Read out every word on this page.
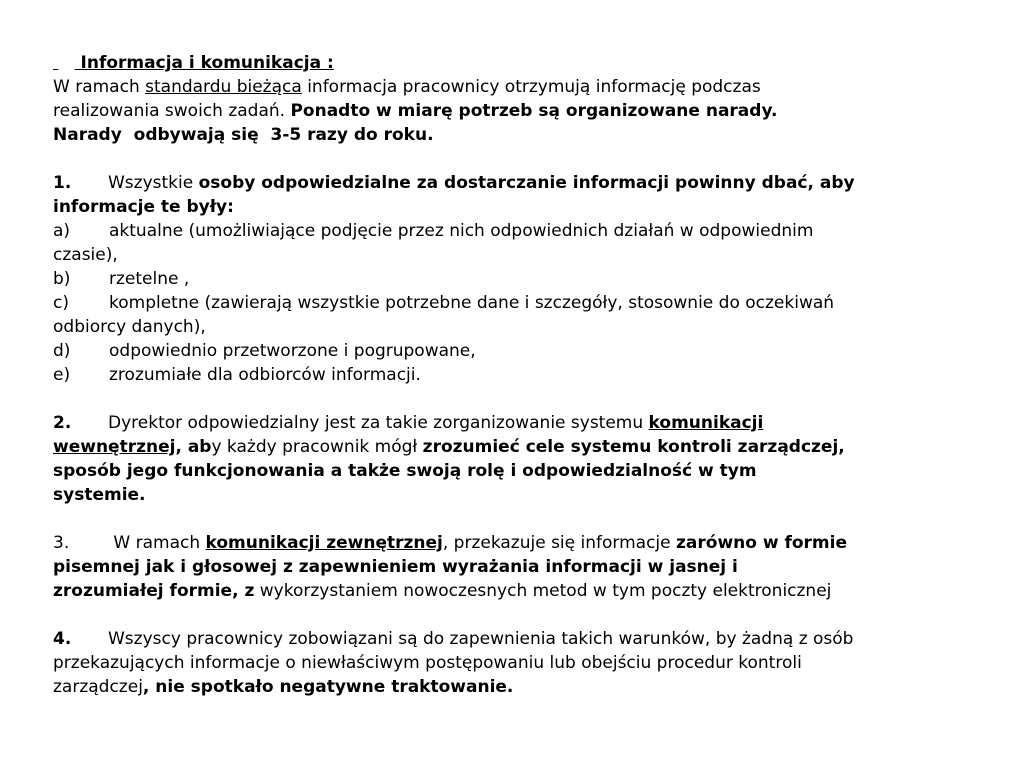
Informacja i komunikacja :

W ramach standardu bieżąca informacja pracownicy otrzymują informację podczas
realizowania swoich zadań. Ponadto w miarę potrzeb są organizowane narady.
Narady  odbywają się  3-5 razy do roku.
1. Wszystkie osoby odpowiedzialne za dostarczanie informacji powinny dbać, aby
informacje te były:
a) aktualne (umożliwiające podjęcie przez nich odpowiednich działań w odpowiednim
czasie),
b) rzetelne ,
c) kompletne (zawierają wszystkie potrzebne dane i szczegóły, stosownie do oczekiwań
odbiorcy danych),
d) odpowiednio przetworzone i pogrupowane,
e) zrozumiałe dla odbiorców informacji.
2. Dyrektor odpowiedzialny jest za takie zorganizowanie systemu komunikacji
wewnętrznej, aby każdy pracownik mógł zrozumieć cele systemu kontroli zarządczej,
sposób jego funkcjonowania a także swoją rolę i odpowiedzialność w tym
systemie.
3. W ramach komunikacji zewnętrznej, przekazuje się informacje zarówno w formie
pisemnej jak i głosowej z zapewnieniem wyrażania informacji w jasnej i
zrozumiałej formie, z wykorzystaniem nowoczesnych metod w tym poczty elektronicznej
4. Wszyscy pracownicy zobowiązani są do zapewnienia takich warunków, by żadną z osób
przekazujących informacje o niewłaściwym postępowaniu lub obejściu procedur kontroli
zarządczej, nie spotkało negatywne traktowanie.
